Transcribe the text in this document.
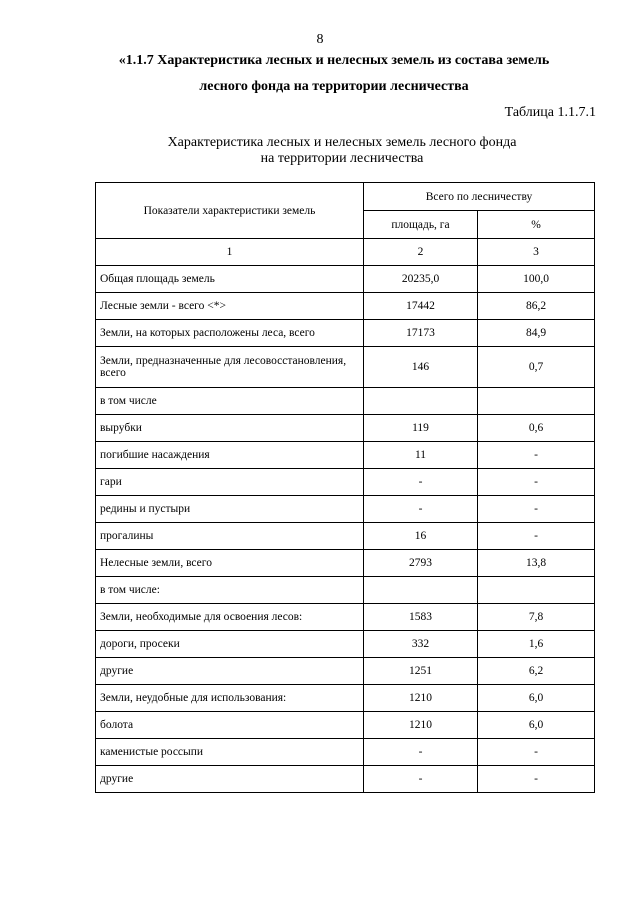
8
«1.1.7 Характеристика лесных и нелесных земель из состава земель
лесного фонда на территории лесничества
Таблица 1.1.7.1
Характеристика лесных и нелесных земель лесного фонда
на территории лесничества
Показатели характеристики земель	Всего по лесничеству	
	площадь, га	%
1	2	3
Общая площадь земель	20235,0	100,0
Лесные земли - всего <*>	17442	86,2
Земли, на которых расположены леса, всего	17173	84,9
Земли, предназначенные для лесовосстановления, всего	146	0,7
в том числе		
вырубки	119	0,6
погибшие насаждения	11	-
гари	-	-
редины и пустыри	-	-
прогалины	16	-
Нелесные земли, всего	2793	13,8
в том числе:		
Земли, необходимые для освоения лесов:	1583	7,8
дороги, просеки	332	1,6
другие	1251	6,2
Земли, неудобные для использования:	1210	6,0
болота	1210	6,0
каменистые россыпи	-	-
другие	-	-
